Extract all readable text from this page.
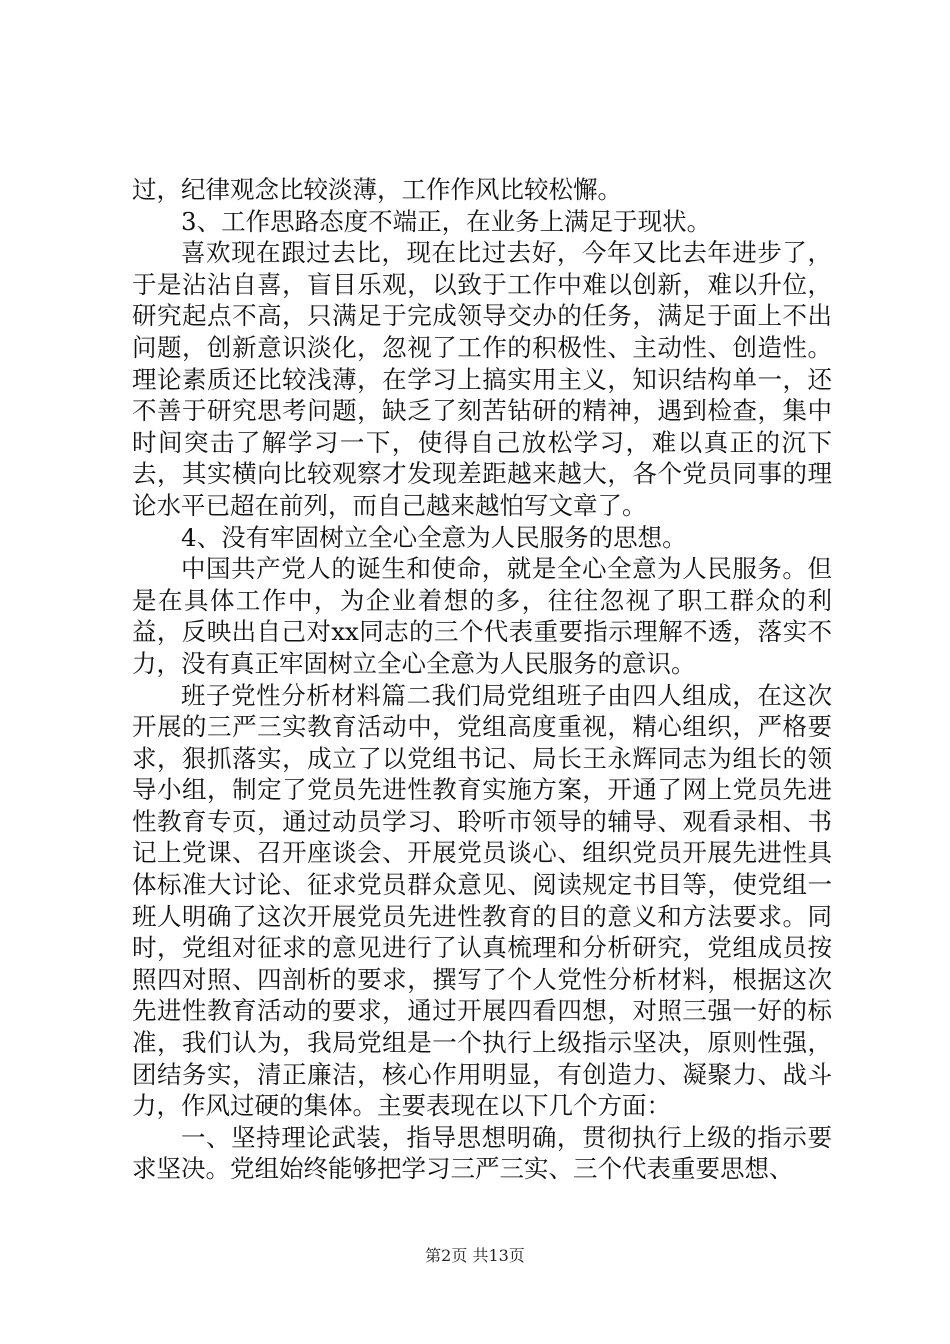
过，纪律观念比较淡薄，工作作风比较松懈。

3、工作思路态度不端正，在业务上满足于现状。

喜欢现在跟过去比，现在比过去好，今年又比去年进步了，于是沾沾自喜，盲目乐观，以致于工作中难以创新，难以升位，研究起点不高，只满足于完成领导交办的任务，满足于面上不出问题，创新意识淡化，忽视了工作的积极性、主动性、创造性。理论素质还比较浅薄，在学习上搞实用主义，知识结构单一，还不善于研究思考问题，缺乏了刻苦钻研的精神，遇到检查，集中时间突击了解学习一下，使得自己放松学习，难以真正的沉下去，其实横向比较观察才发现差距越来越大，各个党员同事的理论水平已超在前列，而自己越来越怕写文章了。

4、没有牢固树立全心全意为人民服务的思想。

中国共产党人的诞生和使命，就是全心全意为人民服务。但是在具体工作中，为企业着想的多，往往忽视了职工群众的利益，反映出自己对xx同志的三个代表重要指示理解不透，落实不力，没有真正牢固树立全心全意为人民服务的意识。

班子党性分析材料篇二我们局党组班子由四人组成，在这次开展的三严三实教育活动中，党组高度重视，精心组织，严格要求，狠抓落实，成立了以党组书记、局长王永辉同志为组长的领导小组，制定了党员先进性教育实施方案，开通了网上党员先进性教育专页，通过动员学习、聆听市领导的辅导、观看录相、书记上党课、召开座谈会、开展党员谈心、组织党员开展先进性具体标准大讨论、征求党员群众意见、阅读规定书目等，使党组一班人明确了这次开展党员先进性教育的目的意义和方法要求。同时，党组对征求的意见进行了认真梳理和分析研究，党组成员按照四对照、四剖析的要求，撰写了个人党性分析材料，根据这次先进性教育活动的要求，通过开展四看四想，对照三强一好的标准，我们认为，我局党组是一个执行上级指示坚决，原则性强，团结务实，清正廉洁，核心作用明显，有创造力、凝聚力、战斗力，作风过硬的集体。主要表现在以下几个方面：

一、坚持理论武装，指导思想明确，贯彻执行上级的指示要求坚决。党组始终能够把学习三严三实、三个代表重要思想、

第2页 共13页
